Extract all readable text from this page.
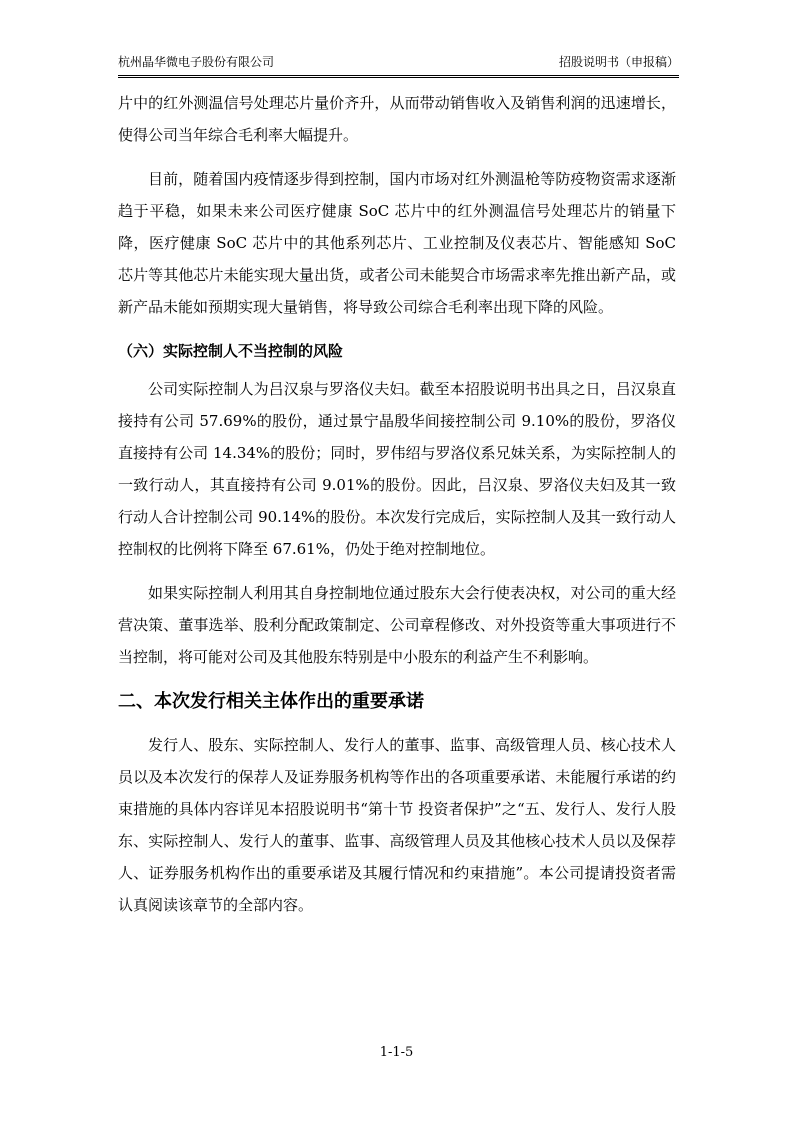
杭州晶华微电子股份有限公司	招股说明书（申报稿）

片中的红外测温信号处理芯片量价齐升，从而带动销售收入及销售利润的迅速增长，使得公司当年综合毛利率大幅提升。

目前，随着国内疫情逐步得到控制，国内市场对红外测温枪等防疫物资需求逐渐趋于平稳，如果未来公司医疗健康 SoC 芯片中的红外测温信号处理芯片的销量下降，医疗健康 SoC 芯片中的其他系列芯片、工业控制及仪表芯片、智能感知 SoC 芯片等其他芯片未能实现大量出货，或者公司未能契合市场需求率先推出新产品，或新产品未能如预期实现大量销售，将导致公司综合毛利率出现下降的风险。

（六）实际控制人不当控制的风险

公司实际控制人为吕汉泉与罗洛仪夫妇。截至本招股说明书出具之日，吕汉泉直接持有公司 57.69%的股份，通过景宁晶殷华间接控制公司 9.10%的股份，罗洛仪直接持有公司 14.34%的股份；同时，罗伟绍与罗洛仪系兄妹关系，为实际控制人的一致行动人，其直接持有公司 9.01%的股份。因此，吕汉泉、罗洛仪夫妇及其一致行动人合计控制公司 90.14%的股份。本次发行完成后，实际控制人及其一致行动人控制权的比例将下降至 67.61%，仍处于绝对控制地位。

如果实际控制人利用其自身控制地位通过股东大会行使表决权，对公司的重大经营决策、董事选举、股利分配政策制定、公司章程修改、对外投资等重大事项进行不当控制，将可能对公司及其他股东特别是中小股东的利益产生不利影响。

二、本次发行相关主体作出的重要承诺

发行人、股东、实际控制人、发行人的董事、监事、高级管理人员、核心技术人员以及本次发行的保荐人及证券服务机构等作出的各项重要承诺、未能履行承诺的约束措施的具体内容详见本招股说明书“第十节 投资者保护”之“五、发行人、发行人股东、实际控制人、发行人的董事、监事、高级管理人员及其他核心技术人员以及保荐人、证券服务机构作出的重要承诺及其履行情况和约束措施”。本公司提请投资者需认真阅读该章节的全部内容。

1-1-5
